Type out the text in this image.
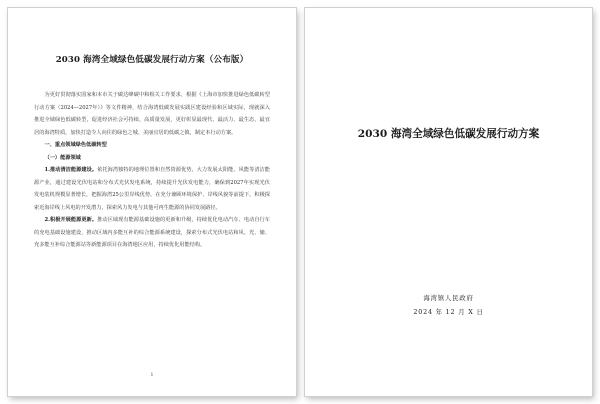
2030 海湾全域绿色低碳发展行动方案（公布版）

为更好贯彻落实国家和本市关于碳达峰碳中和相关工作要求，根据《上海市加快推进绿色低碳转型行动方案（2024—2027年）》等文件精神，结合海湾低碳发展实践区建设经验和区域实际，现就深入推进全域绿色低碳转型，促进经济社会可持续、高质量发展，更好彰显最现代、最活力、最生态、最宜居的海湾特质，加快打造令人向往的绿色之城、美丽宜居的低碳之镇，制定本行动方案。

一、重点领域绿色低碳转型

（一）能源领域

1.推动清洁能源建设。依托海湾独特的地理位置和自然资源优势，大力发展太阳能、风能等清洁能源产业，通过建设光伏电站和分布式光伏发电系统，持续提升光伏发电能力，确保到2027年实现光伏发电装机规模显著增长，把握海湾25公里岸线优势，在充分兼顾环境保护、岸线风貌等前提下，积极探索近海岸线上风电的开发潜力，探索风力发电与其他可再生能源的协同发展路径。

2.积极开展能源更新。推动区域现有能源基础设施的更新和升级，持续优化电动汽车、电动自行车的充电基础设施建设，推动区域内多能互补的综合能源系统建设，探索分布式光伏电站和风、光、储、充多能互补综合能源站等新能源项目在海湾地区应用，持续优化用能结构。

1
2030 海湾全域绿色低碳发展行动方案
海湾镇人民政府
2024 年 12 月 X 日
